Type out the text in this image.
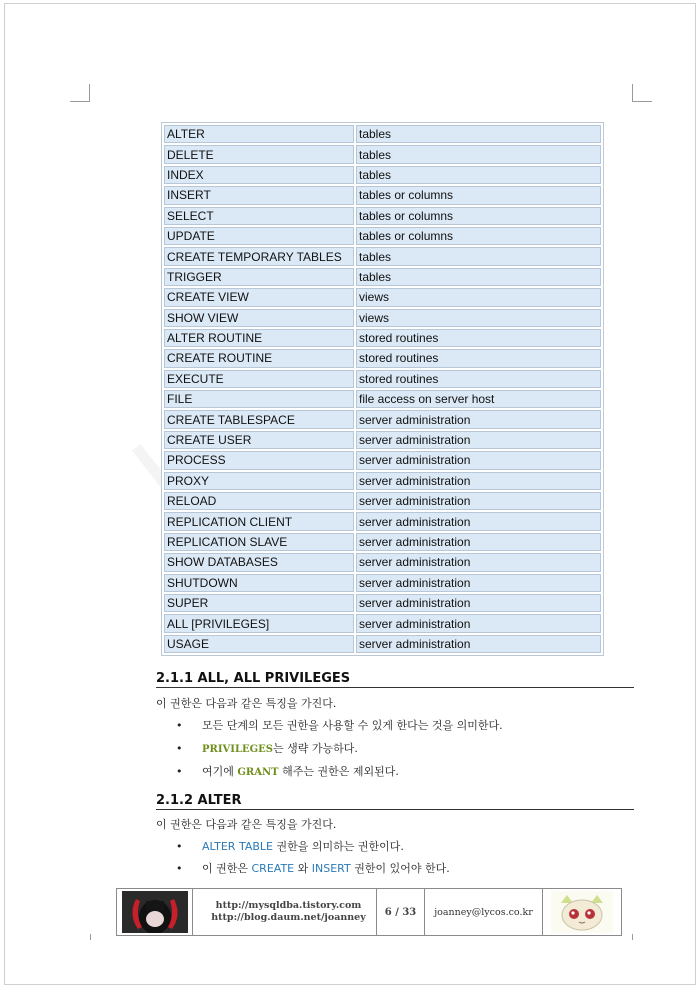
ALTER	tables
DELETE	tables
INDEX	tables
INSERT	tables or columns
SELECT	tables or columns
UPDATE	tables or columns
CREATE TEMPORARY TABLES	tables
TRIGGER	tables
CREATE VIEW	views
SHOW VIEW	views
ALTER ROUTINE	stored routines
CREATE ROUTINE	stored routines
EXECUTE	stored routines
FILE	file access on server host
CREATE TABLESPACE	server administration
CREATE USER	server administration
PROCESS	server administration
PROXY	server administration
RELOAD	server administration
REPLICATION CLIENT	server administration
REPLICATION SLAVE	server administration
SHOW DATABASES	server administration
SHUTDOWN	server administration
SUPER	server administration
ALL [PRIVILEGES]	server administration
USAGE	server administration
2.1.1 ALL, ALL PRIVILEGES
이 권한은 다음과 같은 특징을 가진다.
• 모든 단계의 모든 권한을 사용할 수 있게 한다는 것을 의미한다.
• PRIVILEGES는 생략 가능하다.
• 여기에 GRANT 해주는 권한은 제외된다.
2.1.2 ALTER
이 권한은 다음과 같은 특징을 가진다.
• ALTER TABLE 권한을 의미하는 권한이다.
• 이 권한은 CREATE 와 INSERT 권한이 있어야 한다.
http://mysqldba.tistory.com
http://blog.daum.net/joanney	6 / 33	joanney@lycos.co.kr
